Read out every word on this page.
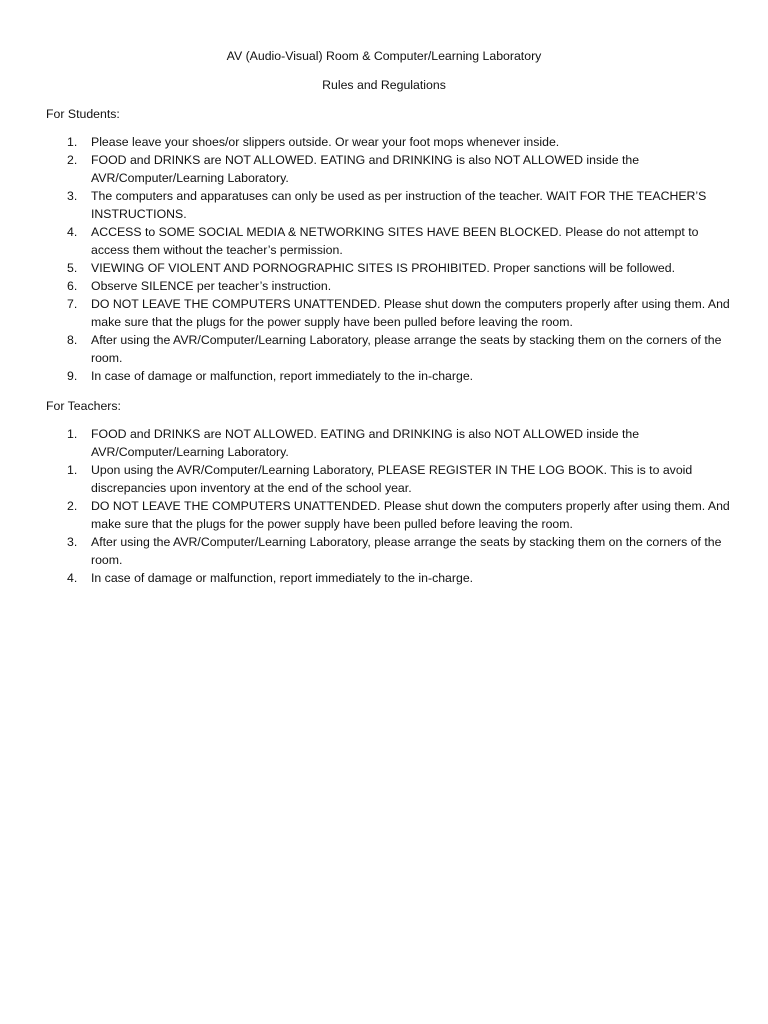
AV (Audio-Visual) Room & Computer/Learning Laboratory
Rules and Regulations
For Students:
1. Please leave your shoes/or slippers outside. Or wear your foot mops whenever inside.
2. FOOD and DRINKS are NOT ALLOWED. EATING and DRINKING is also NOT ALLOWED inside the AVR/Computer/Learning Laboratory.
3. The computers and apparatuses can only be used as per instruction of the teacher. WAIT FOR THE TEACHER’S INSTRUCTIONS.
4. ACCESS to SOME SOCIAL MEDIA & NETWORKING SITES HAVE BEEN BLOCKED. Please do not attempt to access them without the teacher’s permission.
5. VIEWING OF VIOLENT AND PORNOGRAPHIC SITES IS PROHIBITED. Proper sanctions will be followed.
6. Observe SILENCE per teacher’s instruction.
7. DO NOT LEAVE THE COMPUTERS UNATTENDED. Please shut down the computers properly after using them. And make sure that the plugs for the power supply have been pulled before leaving the room.
8. After using the AVR/Computer/Learning Laboratory, please arrange the seats by stacking them on the corners of the room.
9. In case of damage or malfunction, report immediately to the in-charge.
For Teachers:
1. FOOD and DRINKS are NOT ALLOWED. EATING and DRINKING is also NOT ALLOWED inside the AVR/Computer/Learning Laboratory.
1. Upon using the AVR/Computer/Learning Laboratory, PLEASE REGISTER IN THE LOG BOOK. This is to avoid discrepancies upon inventory at the end of the school year.
2. DO NOT LEAVE THE COMPUTERS UNATTENDED. Please shut down the computers properly after using them. And make sure that the plugs for the power supply have been pulled before leaving the room.
3. After using the AVR/Computer/Learning Laboratory, please arrange the seats by stacking them on the corners of the room.
4. In case of damage or malfunction, report immediately to the in-charge.
